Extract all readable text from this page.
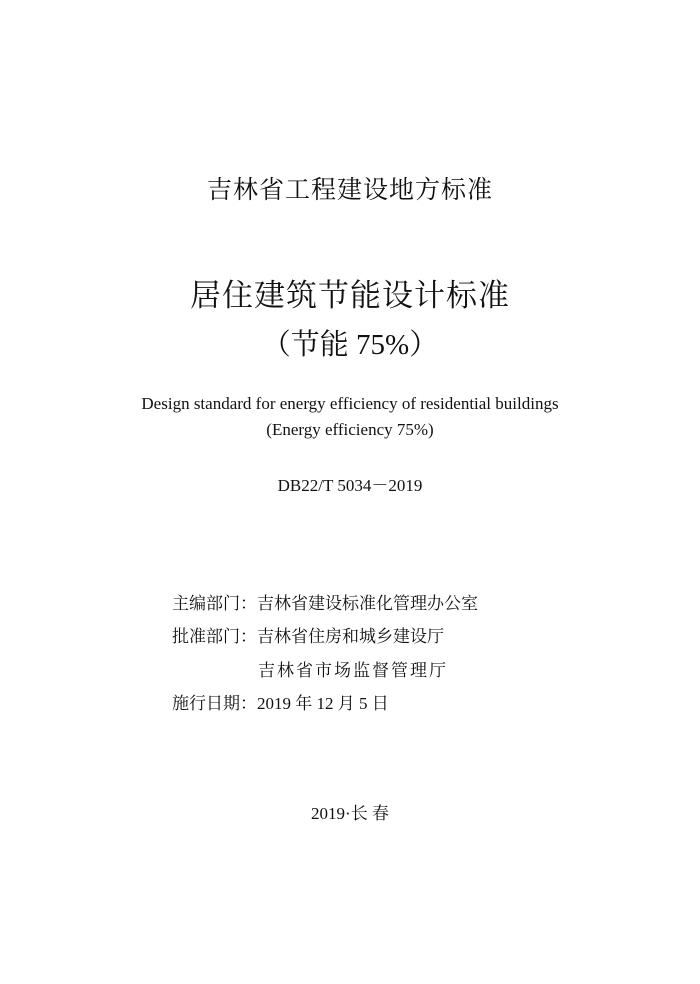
吉林省工程建设地方标准
居住建筑节能设计标准
（节能 75%）
Design standard for energy efficiency of residential buildings
(Energy efficiency 75%)
DB22/T 5034－2019
主编部门：吉林省建设标准化管理办公室
批准部门：吉林省住房和城乡建设厅
吉林省市场监督管理厅
施行日期：2019 年 12 月 5 日
2019·长 春
